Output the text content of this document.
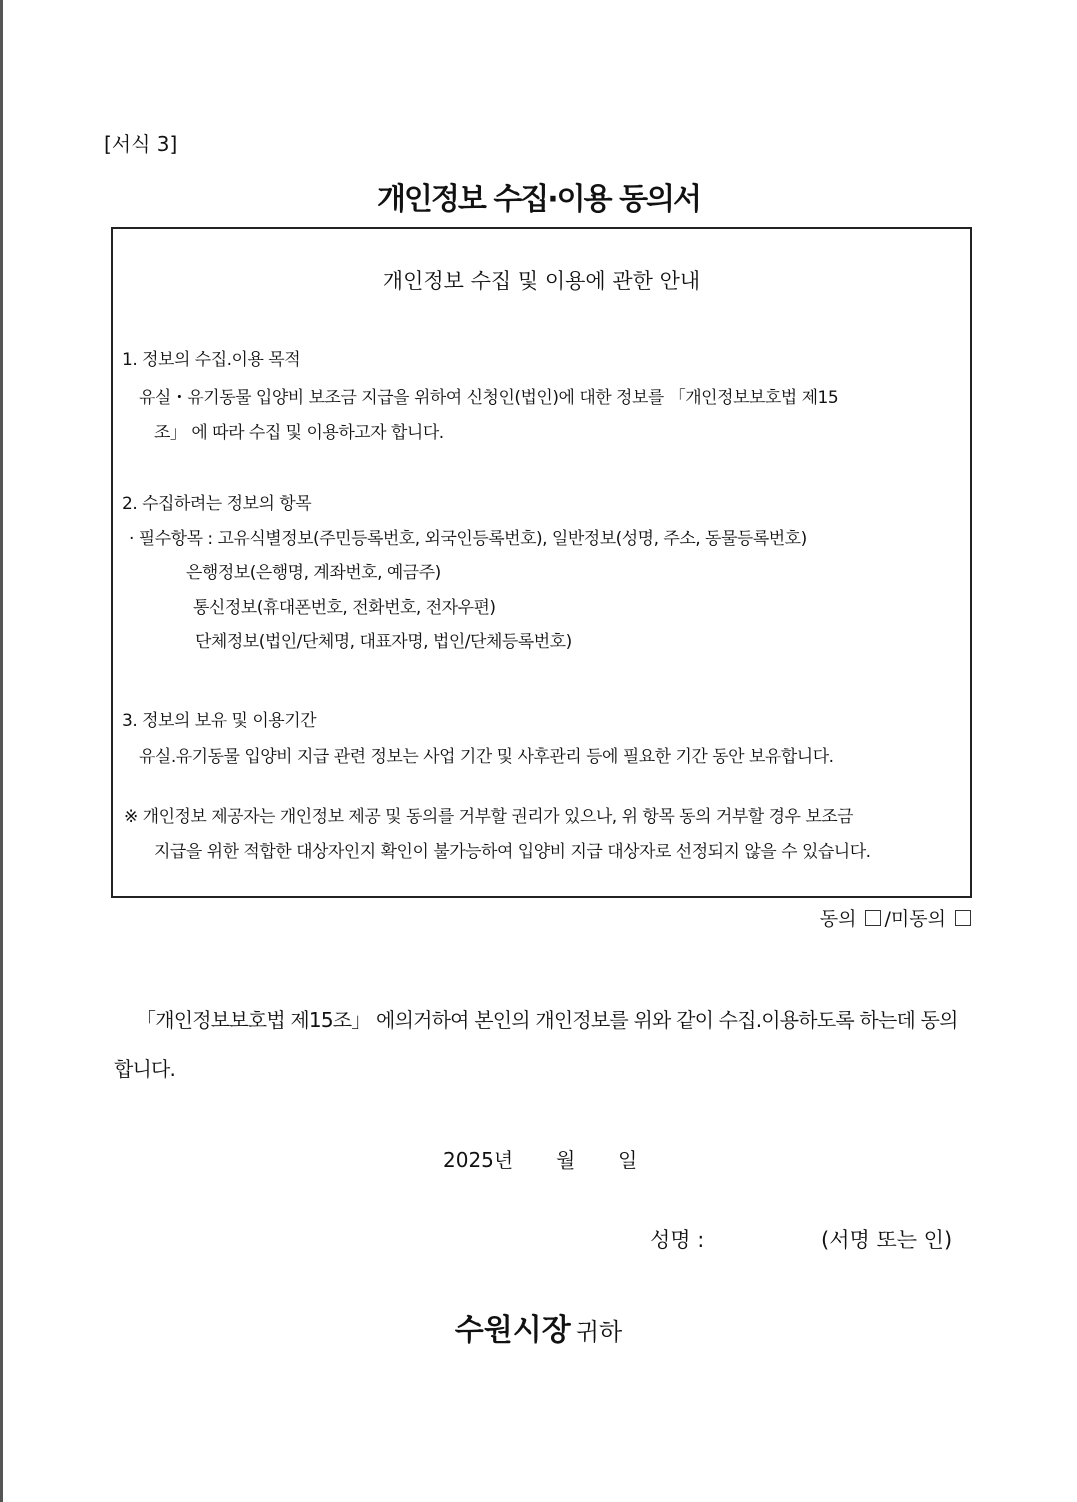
[서식 3]
개인정보 수집·이용 동의서
개인정보 수집 및 이용에 관한 안내
1. 정보의 수집.이용 목적
유실・유기동물 입양비 보조금 지급을 위하여 신청인(법인)에 대한 정보를 「개인정보보호법 제15
조」 에 따라 수집 및 이용하고자 합니다.
2. 수집하려는 정보의 항목
· 필수항목 : 고유식별정보(주민등록번호, 외국인등록번호), 일반정보(성명, 주소, 동물등록번호)
은행정보(은행명, 계좌번호, 예금주)
통신정보(휴대폰번호, 전화번호, 전자우편)
단체정보(법인/단체명, 대표자명, 법인/단체등록번호)
3. 정보의 보유 및 이용기간
유실.유기동물 입양비 지급 관련 정보는 사업 기간 및 사후관리 등에 필요한 기간 동안 보유합니다.
※ 개인정보 제공자는 개인정보 제공 및 동의를 거부할 권리가 있으나, 위 항목 동의 거부할 경우 보조금
지급을 위한 적합한 대상자인지 확인이 불가능하여 입양비 지급 대상자로 선정되지 않을 수 있습니다.
동의 /미동의
「개인정보보호법 제15조」 에의거하여 본인의 개인정보를 위와 같이 수집.이용하도록 하는데 동의
합니다.
2025년 월 일
성명 :	(서명 또는 인)
수원시장 귀하
